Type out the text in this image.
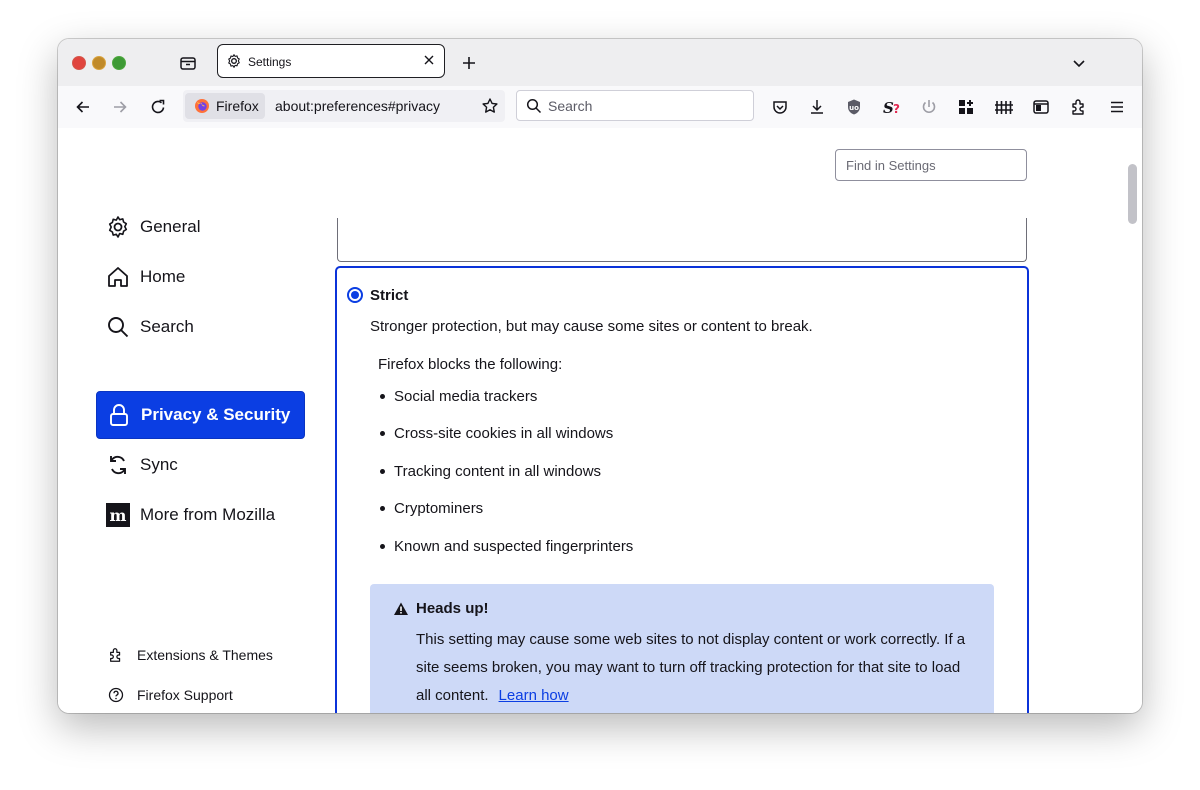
Settings
Firefox about:preferences#privacy	Search	uo S ?
Find in Settings
General
Home
Search
Privacy & Security
Sync
m More from Mozilla
Extensions & Themes
Firefox Support
Strict
Stronger protection, but may cause some sites or content to break.
Firefox blocks the following:
Social media trackers
Cross-site cookies in all windows
Tracking content in all windows
Cryptominers
Known and suspected fingerprinters
Heads up!
This setting may cause some web sites to not display content or work correctly. If a site seems broken, you may want to turn off tracking protection for that site to load all content. Learn how
